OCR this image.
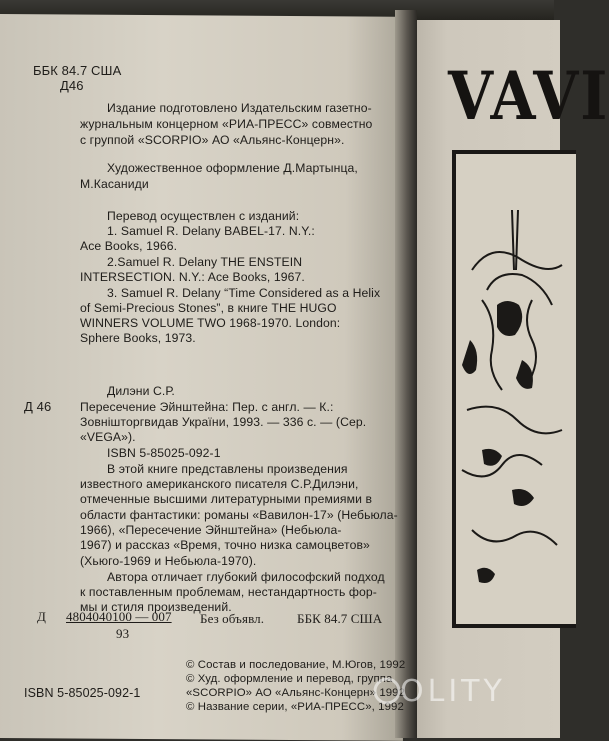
ББК 84.7 США
Д46
Издание подготовлено Издательским газетно-
журнальным концерном «РИА-ПРЕСС» совместно
с группой «SCORPIO» АО «Альянс-Концерн».
Художественное оформление Д.Мартынца,
М.Касаниди
Перевод осуществлен с изданий:
1. Samuel R. Delany BABEL-17. N.Y.:
Ace Books, 1966.
2.Samuel R. Delany THE ENSTEIN
INTERSECTION. N.Y.: Ace Books, 1967.
3. Samuel R. Delany “Time Considered as a Helix
of Semi-Precious Stones”, в книге THE HUGO
WINNERS VOLUME TWO 1968-1970. London:
Sphere Books, 1973.
Дилэни С.Р.
Д 46 Пересечение Эйнштейна: Пер. с англ. — К.:
Зовнішторгвидав України, 1993. — 336 с. — (Сер.
«VEGA»).
ISBN 5-85025-092-1
В этой книге представлены произведения
известного американского писателя С.Р.Дилэни,
отмеченные высшими литературными премиями в
области фантастики: романы «Вавилон-17» (Небьюла-
1966), «Пересечение Эйнштейна» (Небьюла-
1967) и рассказ «Время, точно низка самоцветов»
(Хьюго-1969 и Небьюла-1970).
Автора отличает глубокий философский подход
к поставленным проблемам, нестандартность фор-
мы и стиля произведений.
Д 4804040100 — 007
93
Без объявл.	ББК 84.7 США
© Состав и последование, М.Югов, 1992
© Худ. оформление и перевод, группа
«SCORPIO» АО «Альянс-Концерн» 1992
© Название серии, «РИА-ПРЕСС», 1992
ISBN 5-85025-092-1
VAVI
OLITY
